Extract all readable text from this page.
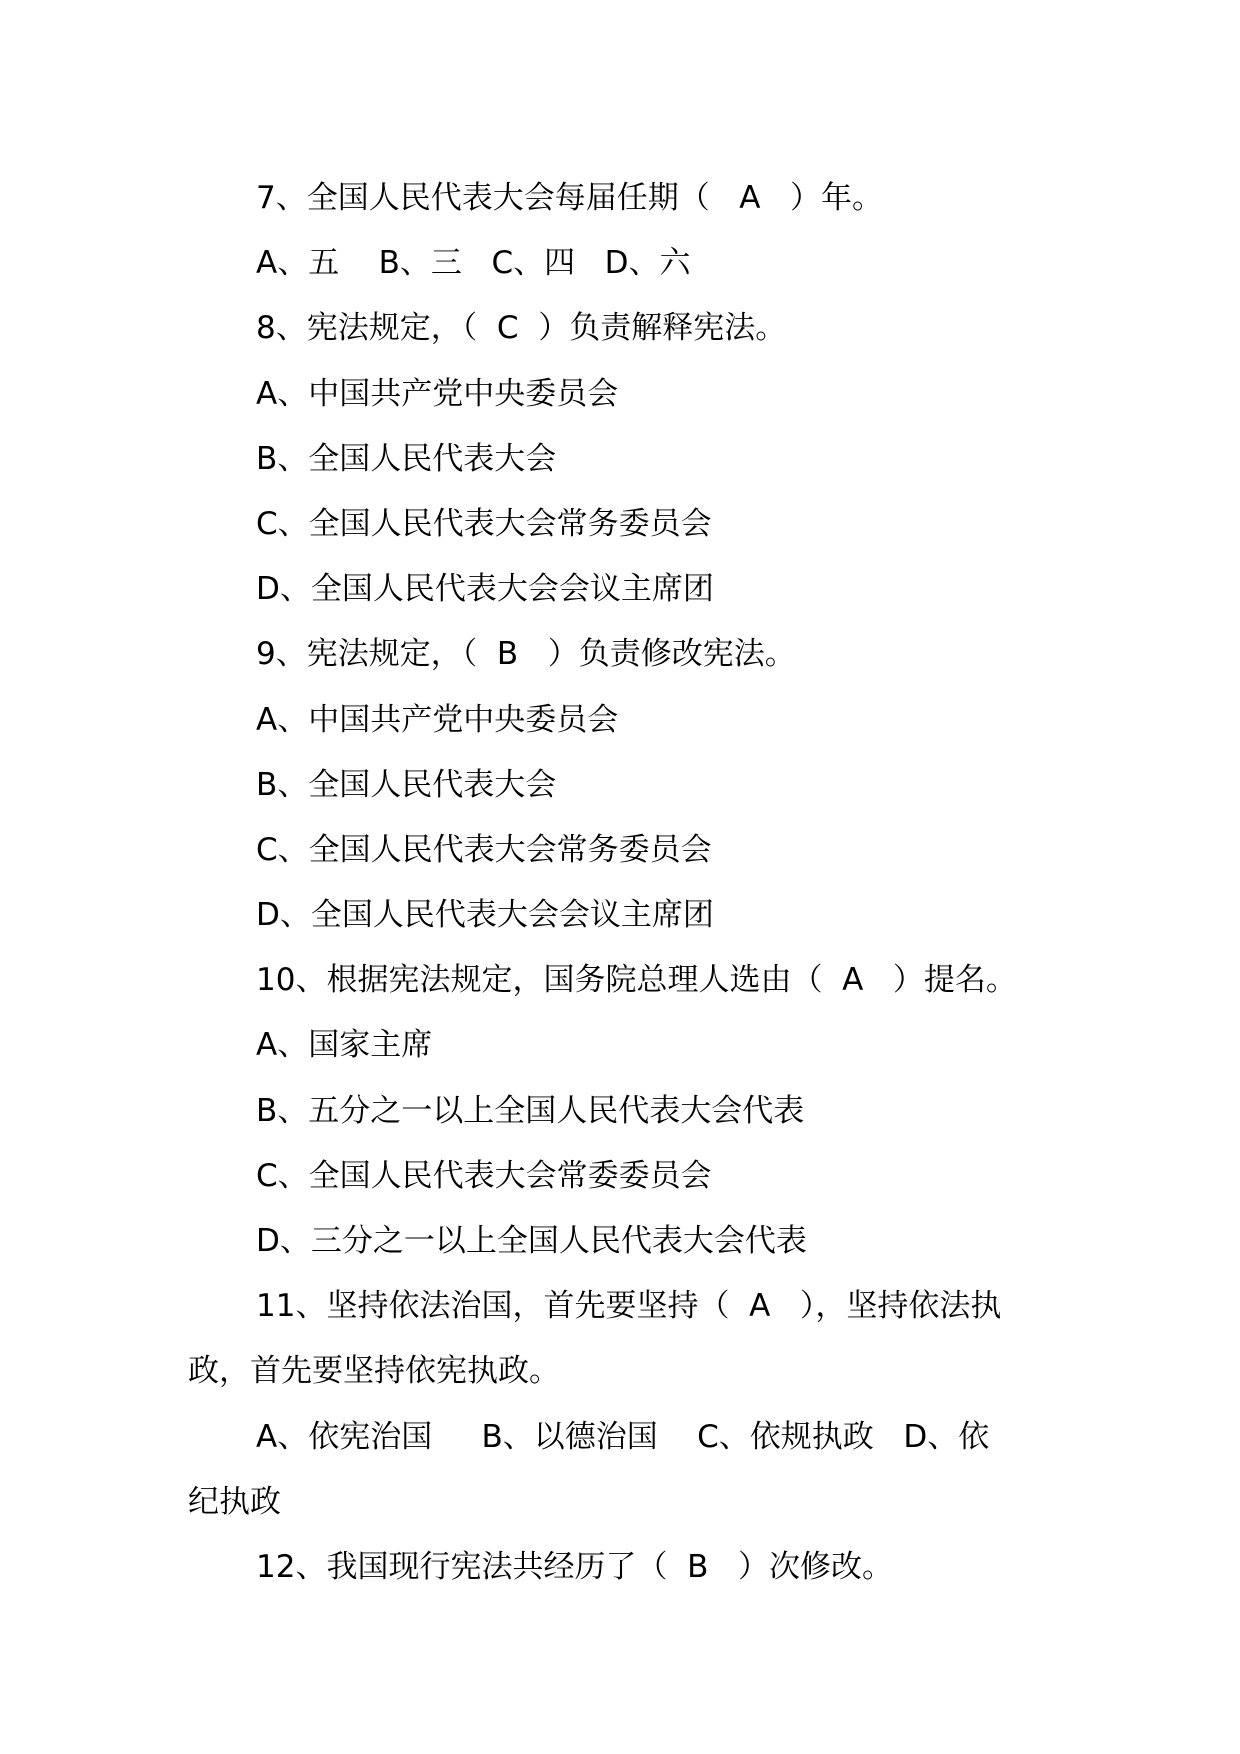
7、全国人民代表大会每届任期（   A   ）年。

A、五    B、三   C、四   D、六

8、宪法规定，（  C  ）负责解释宪法。

A、中国共产党中央委员会

B、全国人民代表大会

C、全国人民代表大会常务委员会

D、全国人民代表大会会议主席团

9、宪法规定，（  B   ）负责修改宪法。

A、中国共产党中央委员会

B、全国人民代表大会

C、全国人民代表大会常务委员会

D、全国人民代表大会会议主席团

10、根据宪法规定，国务院总理人选由（  A   ）提名。

A、国家主席

B、五分之一以上全国人民代表大会代表

C、全国人民代表大会常委委员会

D、三分之一以上全国人民代表大会代表

11、坚持依法治国，首先要坚持（  A   ），坚持依法执

政，首先要坚持依宪执政。

A、依宪治国     B、以德治国    C、依规执政   D、依

纪执政

12、我国现行宪法共经历了（  B   ）次修改。
